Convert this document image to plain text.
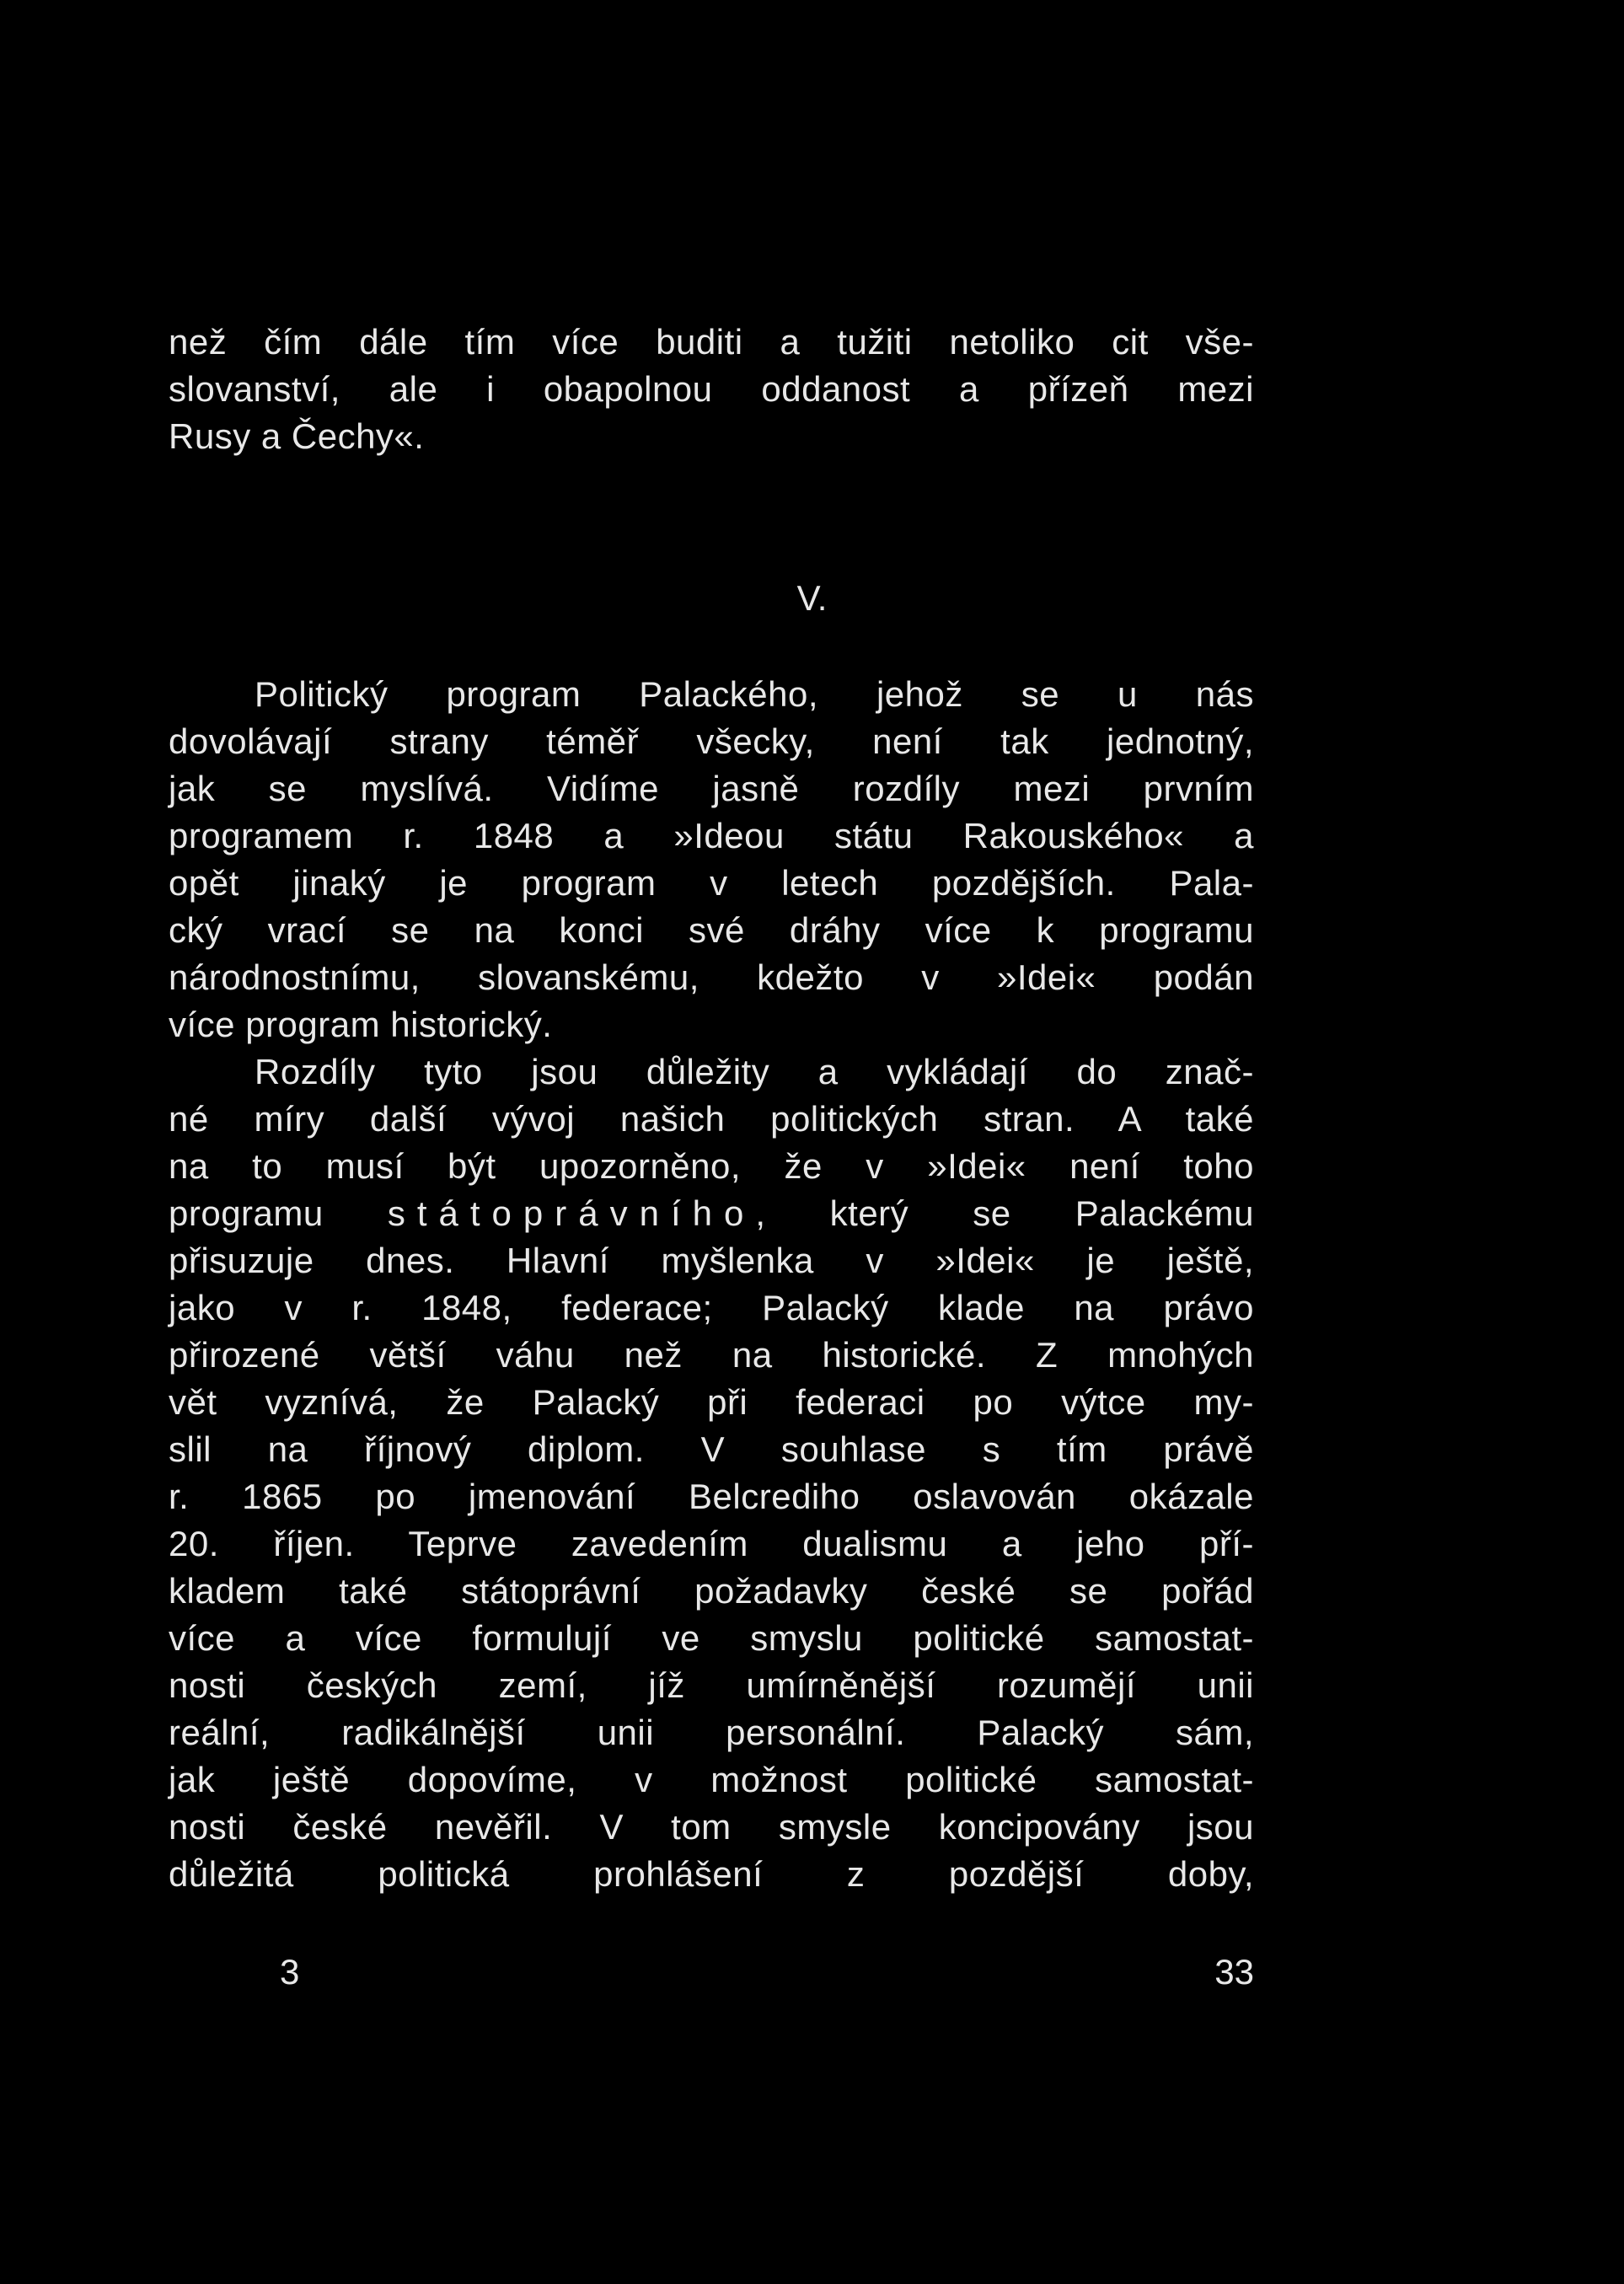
než čím dále tím více buditi a tužiti netoliko cit vše-
slovanství, ale i obapolnou oddanost a přízeň mezi
Rusy a Čechy«.
V.
Politický program Palackého, jehož se u nás
dovolávají strany téměř všecky, není tak jednotný,
jak se myslívá. Vidíme jasně rozdíly mezi prvním
programem r. 1848 a »Ideou státu Rakouského« a
opět jinaký je program v letech pozdějších. Pala-
cký vrací se na konci své dráhy více k programu
národnostnímu, slovanskému, kdežto v »Idei« podán
více program historický.
Rozdíly tyto jsou důležity a vykládají do znač-
né míry další vývoj našich politických stran. A také
na to musí být upozorněno, že v »Idei« není toho
programu státoprávního, který se Palackému
přisuzuje dnes. Hlavní myšlenka v »Idei« je ještě,
jako v r. 1848, federace; Palacký klade na právo
přirozené větší váhu než na historické. Z mnohých
vět vyznívá, že Palacký při federaci po výtce my-
slil na říjnový diplom. V souhlase s tím právě
r. 1865 po jmenování Belcrediho oslavován okázale
20. říjen. Teprve zavedením dualismu a jeho pří-
kladem také státoprávní požadavky české se pořád
více a více formulují ve smyslu politické samostat-
nosti českých zemí, jíž umírněnější rozumějí unii
reální, radikálnější unii personální. Palacký sám,
jak ještě dopovíme, v možnost politické samostat-
nosti české nevěřil. V tom smysle koncipovány jsou
důležitá politická prohlášení z pozdější doby,
3	33
